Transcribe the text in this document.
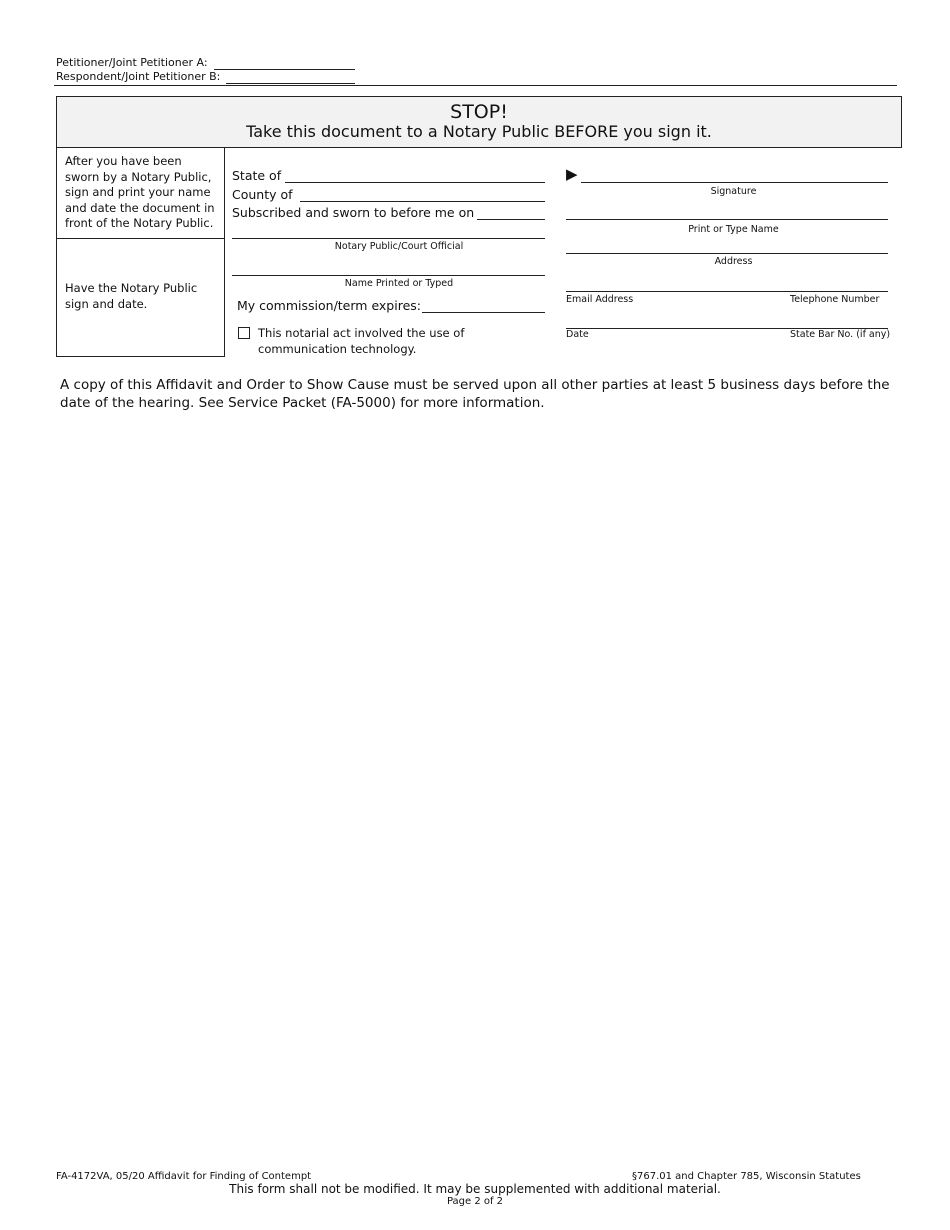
Petitioner/Joint Petitioner A:
Respondent/Joint Petitioner B:
STOP!
Take this document to a Notary Public BEFORE you sign it.
After you have been sworn by a Notary Public, sign and print your name and date the document in front of the Notary Public.
Have the Notary Public sign and date.
State of
County of
Subscribed and sworn to before me on
Notary Public/Court Official
Name Printed or Typed
My commission/term expires:
This notarial act involved the use of communication technology.
▶
Signature
Print or Type Name
Address
Email Address	Telephone Number
Date	State Bar No. (if any)
A copy of this Affidavit and Order to Show Cause must be served upon all other parties at least 5 business days before the date of the hearing. See Service Packet (FA-5000) for more information.
FA-4172VA, 05/20 Affidavit for Finding of Contempt	§767.01 and Chapter 785, Wisconsin Statutes
This form shall not be modified. It may be supplemented with additional material.
Page 2 of 2
